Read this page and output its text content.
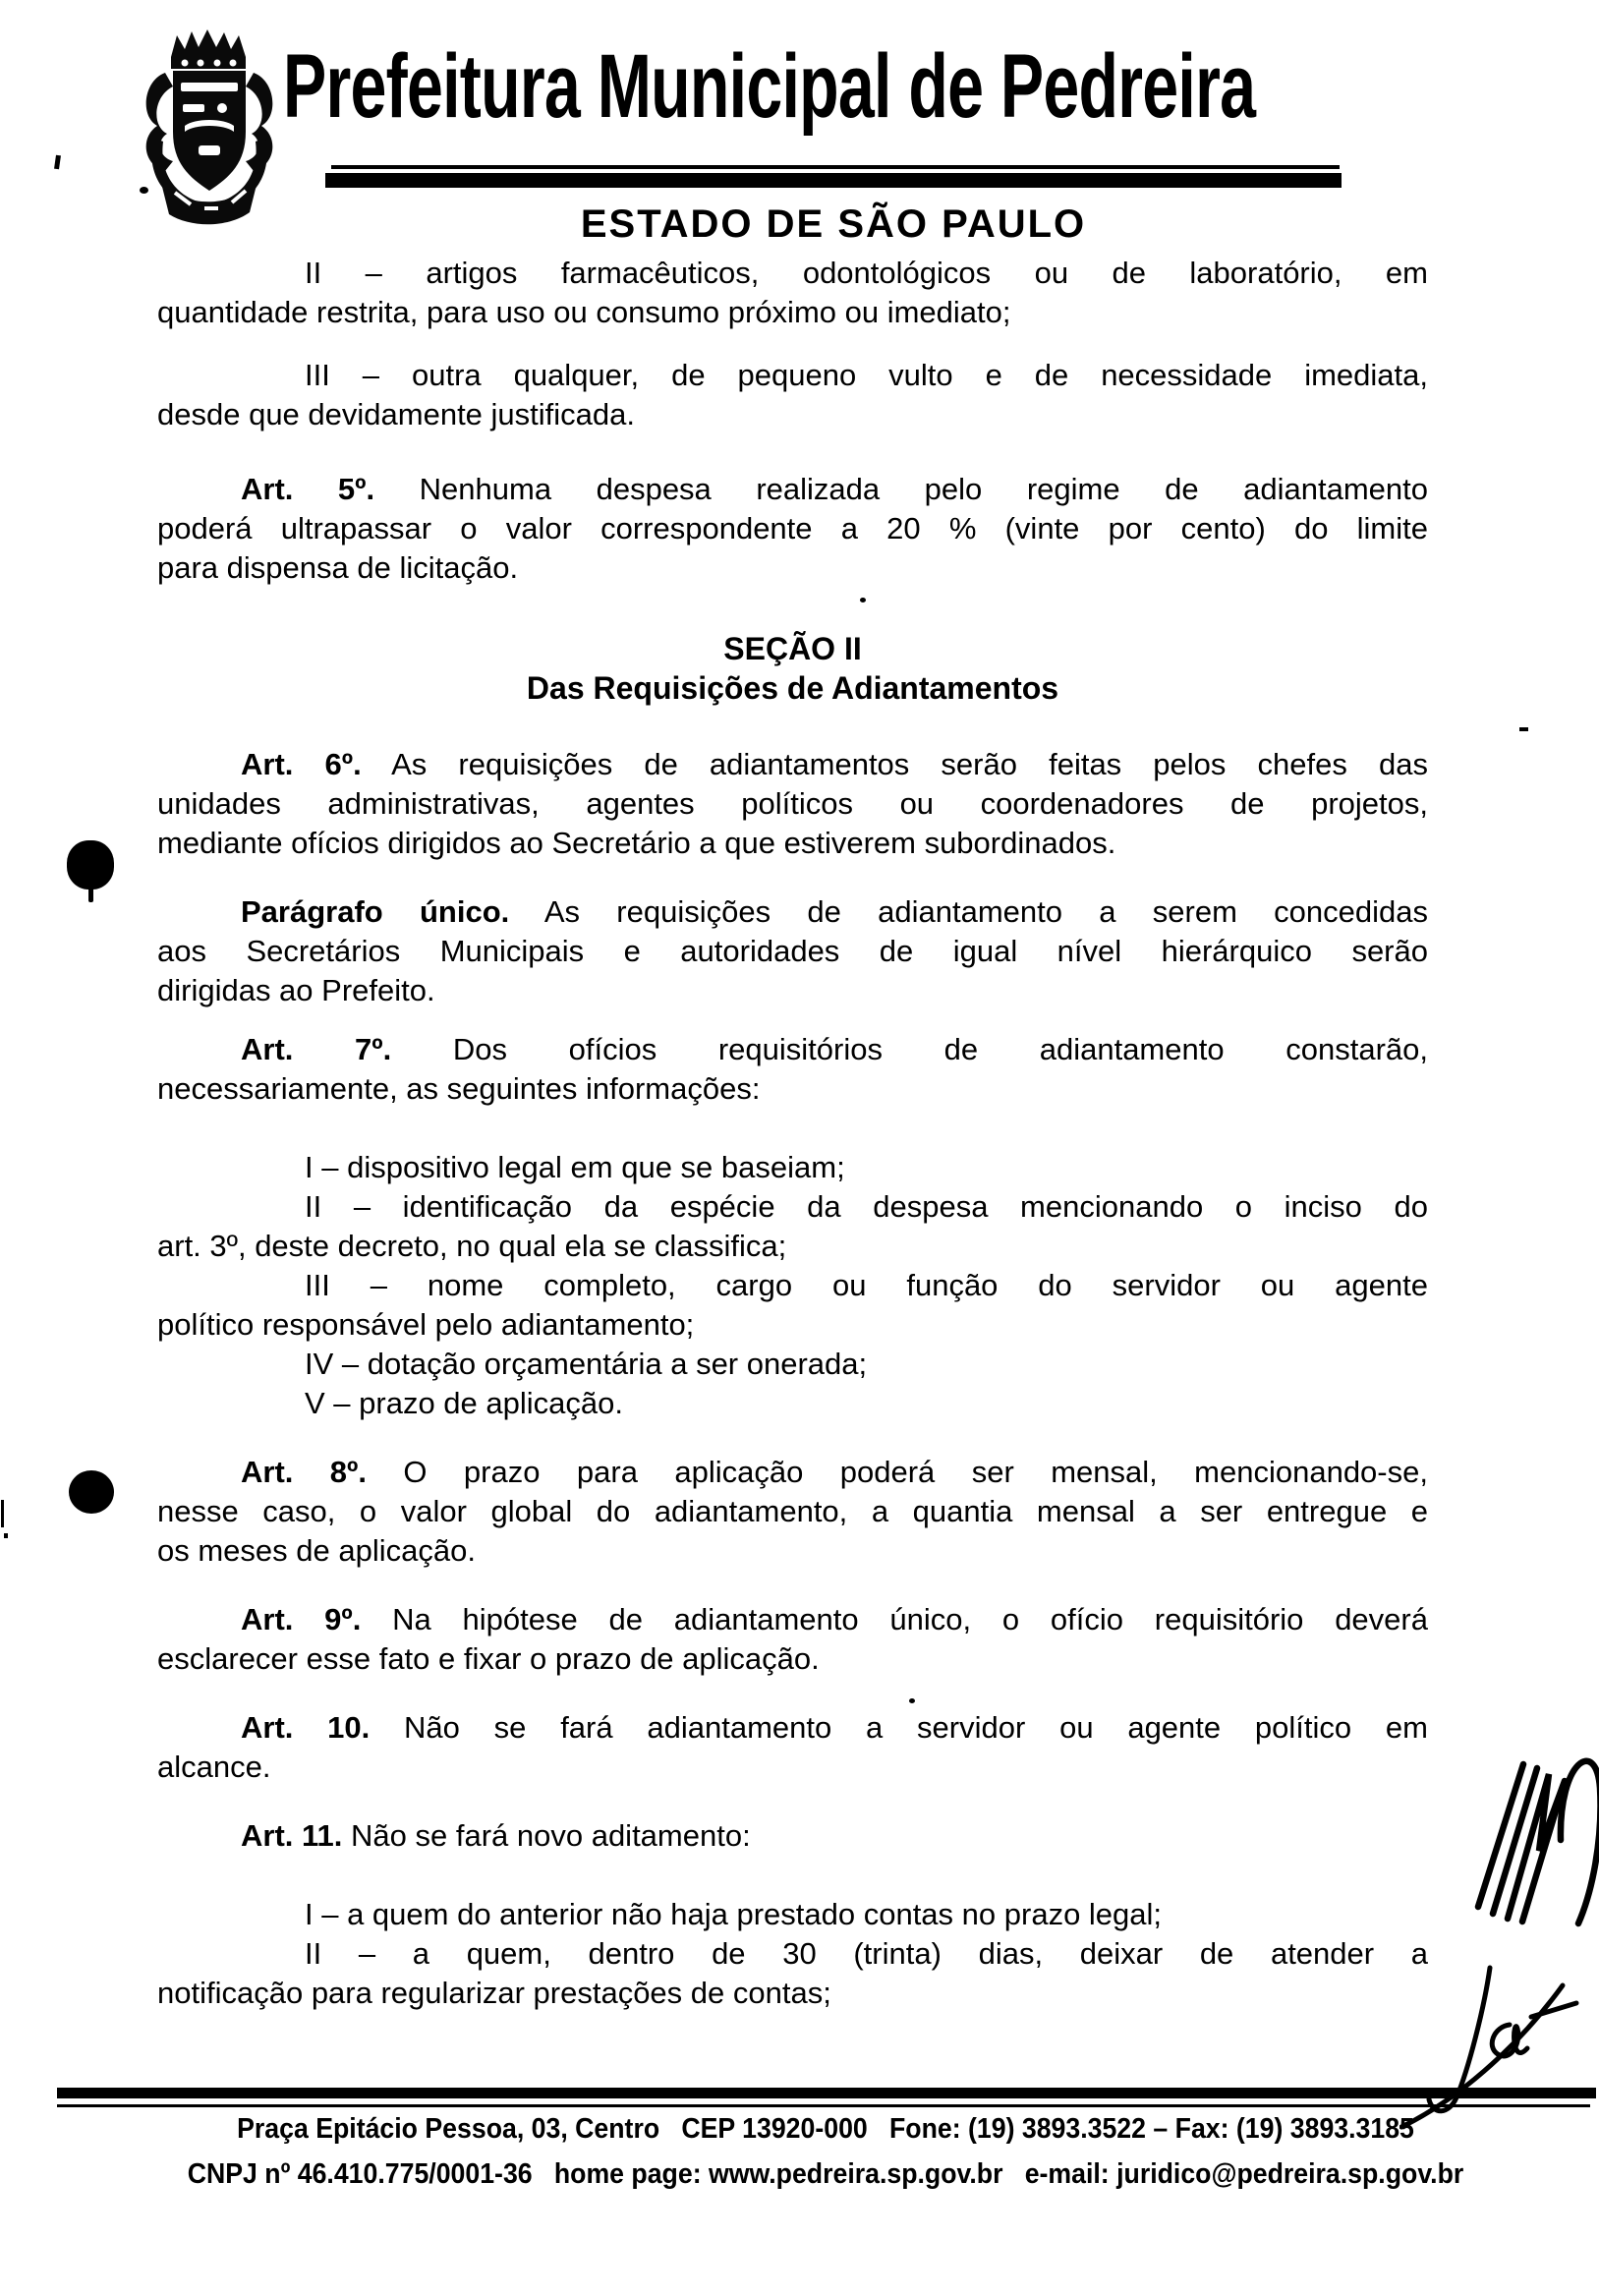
Prefeitura Municipal de Pedreira
ESTADO DE SÃO PAULO
II – artigos farmacêuticos, odontológicos ou de laboratório, em
quantidade restrita, para uso ou consumo próximo ou imediato;
III – outra qualquer, de pequeno vulto e de necessidade imediata,
desde que devidamente justificada.
Art. 5º. Nenhuma despesa realizada pelo regime de adiantamento
poderá ultrapassar o valor correspondente a 20 % (vinte por cento) do limite
para dispensa de licitação.
SEÇÃO II
Das Requisições de Adiantamentos
Art. 6º. As requisições de adiantamentos serão feitas pelos chefes das
unidades administrativas, agentes políticos ou coordenadores de projetos,
mediante ofícios dirigidos ao Secretário a que estiverem subordinados.
Parágrafo único. As requisições de adiantamento a serem concedidas
aos Secretários Municipais e autoridades de igual nível hierárquico serão
dirigidas ao Prefeito.
Art. 7º. Dos ofícios requisitórios de adiantamento constarão,
necessariamente, as seguintes informações:
I – dispositivo legal em que se baseiam;
II – identificação da espécie da despesa mencionando o inciso do
art. 3º, deste decreto, no qual ela se classifica;
III – nome completo, cargo ou função do servidor ou agente
político responsável pelo adiantamento;
IV – dotação orçamentária a ser onerada;
V – prazo de aplicação.
Art. 8º. O prazo para aplicação poderá ser mensal, mencionando-se,
nesse caso, o valor global do adiantamento, a quantia mensal a ser entregue e
os meses de aplicação.
Art. 9º. Na hipótese de adiantamento único, o ofício requisitório deverá
esclarecer esse fato e fixar o prazo de aplicação.
Art. 10. Não se fará adiantamento a servidor ou agente político em
alcance.
Art. 11. Não se fará novo aditamento:
I – a quem do anterior não haja prestado contas no prazo legal;
II – a quem, dentro de 30 (trinta) dias, deixar de atender a
notificação para regularizar prestações de contas;
Praça Epitácio Pessoa, 03, Centro   CEP 13920-000   Fone: (19) 3893.3522 – Fax: (19) 3893.3185
CNPJ nº 46.410.775/0001-36   home page: www.pedreira.sp.gov.br   e-mail: juridico@pedreira.sp.gov.br
